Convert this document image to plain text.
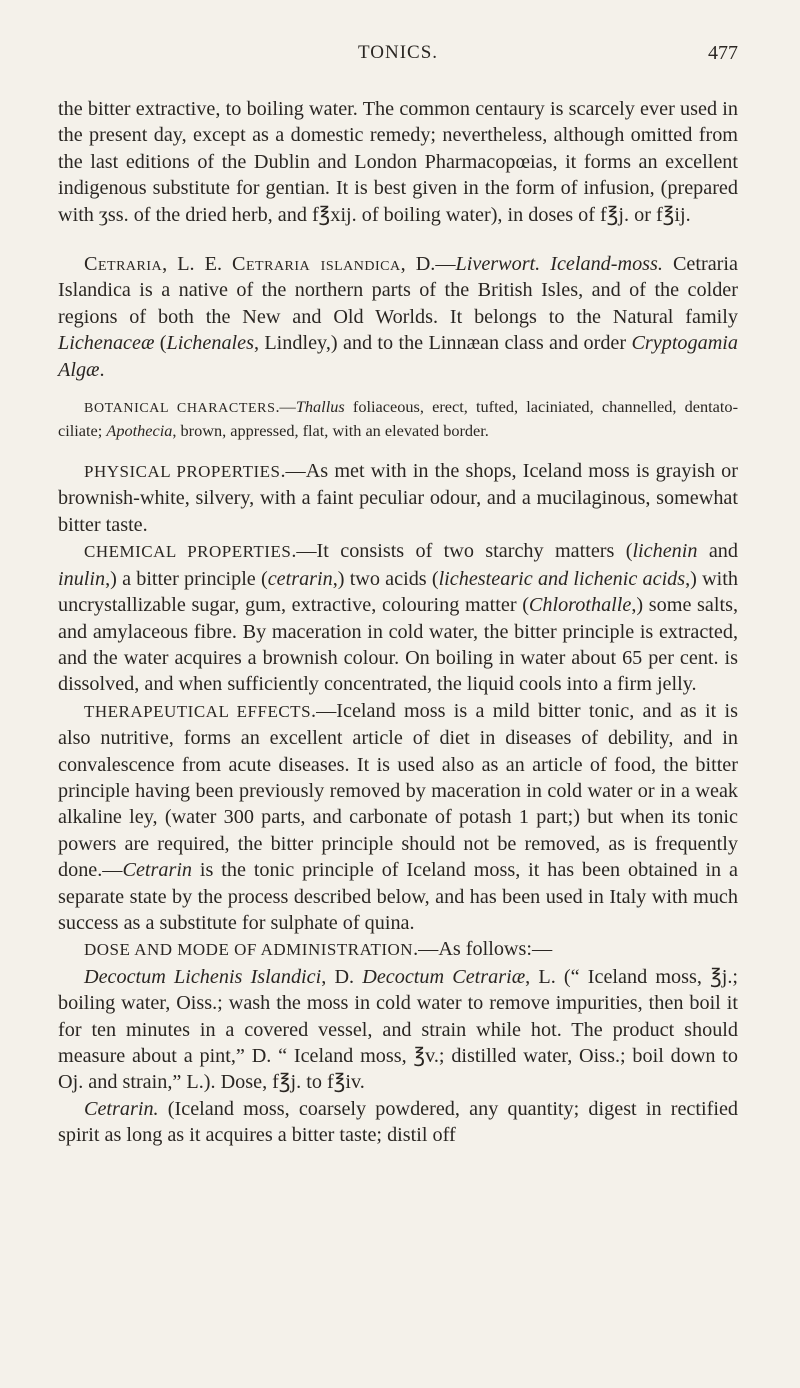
TONICS.	477

the bitter extractive, to boiling water. The common centaury is scarcely ever used in the present day, except as a domestic remedy; nevertheless, although omitted from the last editions of the Dublin and London Pharmacopœias, it forms an excellent indigenous substitute for gentian. It is best given in the form of infusion, (prepared with ʒss. of the dried herb, and f℥xij. of boiling water), in doses of f℥j. or f℥ij.

Cetraria, L. E. Cetraria islandica, D.—Liverwort. Iceland-moss. Cetraria Islandica is a native of the northern parts of the British Isles, and of the colder regions of both the New and Old Worlds. It belongs to the Natural family Lichenaceæ (Lichenales, Lindley,) and to the Linnæan class and order Cryptogamia Algæ.

BOTANICAL CHARACTERS.—Thallus foliaceous, erect, tufted, laciniated, channelled, dentato-ciliate; Apothecia, brown, appressed, flat, with an elevated border.

PHYSICAL PROPERTIES.—As met with in the shops, Iceland moss is grayish or brownish-white, silvery, with a faint peculiar odour, and a mucilaginous, somewhat bitter taste.

CHEMICAL PROPERTIES.—It consists of two starchy matters (lichenin and inulin,) a bitter principle (cetrarin,) two acids (lichestearic and lichenic acids,) with uncrystallizable sugar, gum, extractive, colouring matter (Chlorothalle,) some salts, and amylaceous fibre. By maceration in cold water, the bitter principle is extracted, and the water acquires a brownish colour. On boiling in water about 65 per cent. is dissolved, and when sufficiently concentrated, the liquid cools into a firm jelly.

THERAPEUTICAL EFFECTS.—Iceland moss is a mild bitter tonic, and as it is also nutritive, forms an excellent article of diet in diseases of debility, and in convalescence from acute diseases. It is used also as an article of food, the bitter principle having been previously removed by maceration in cold water or in a weak alkaline ley, (water 300 parts, and carbonate of potash 1 part;) but when its tonic powers are required, the bitter principle should not be removed, as is frequently done.—Cetrarin is the tonic principle of Iceland moss, it has been obtained in a separate state by the process described below, and has been used in Italy with much success as a substitute for sulphate of quina.

DOSE AND MODE OF ADMINISTRATION.—As follows:—

Decoctum Lichenis Islandici, D. Decoctum Cetrariæ, L. (“ Iceland moss, ℥j.; boiling water, Oiss.; wash the moss in cold water to remove impurities, then boil it for ten minutes in a covered vessel, and strain while hot. The product should measure about a pint,” D. “ Iceland moss, ℥v.; distilled water, Oiss.; boil down to Oj. and strain,” L.). Dose, f℥j. to f℥iv.

Cetrarin. (Iceland moss, coarsely powdered, any quantity; digest in rectified spirit as long as it acquires a bitter taste; distil off
